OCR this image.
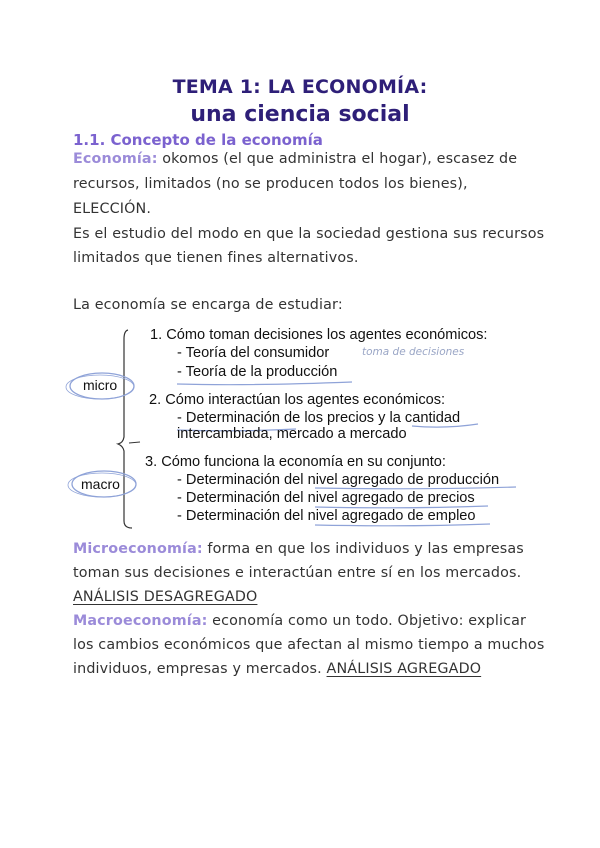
TEMA 1: LA ECONOMÍA:
una ciencia social
1.1. Concepto de la economía
Economía: okomos (el que administra el hogar), escasez de
recursos, limitados (no se producen todos los bienes),
ELECCIÓN.
Es el estudio del modo en que la sociedad gestiona sus recursos
limitados que tienen fines alternativos.
La economía se encarga de estudiar:
1. Cómo toman decisiones los agentes económicos:
- Teoría del consumidor	toma de decisiones
- Teoría de la producción
2. Cómo interactúan los agentes económicos:
- Determinación de los precios y la cantidad
intercambiada, mercado a mercado
3. Cómo funciona la economía en su conjunto:
- Determinación del nivel agregado de producción
- Determinación del nivel agregado de precios
- Determinación del nivel agregado de empleo
micro
macro
Microeconomía: forma en que los individuos y las empresas
toman sus decisiones e interactúan entre sí en los mercados.
ANÁLISIS DESAGREGADO
Macroeconomía: economía como un todo. Objetivo: explicar
los cambios económicos que afectan al mismo tiempo a muchos
individuos, empresas y mercados. ANÁLISIS AGREGADO
